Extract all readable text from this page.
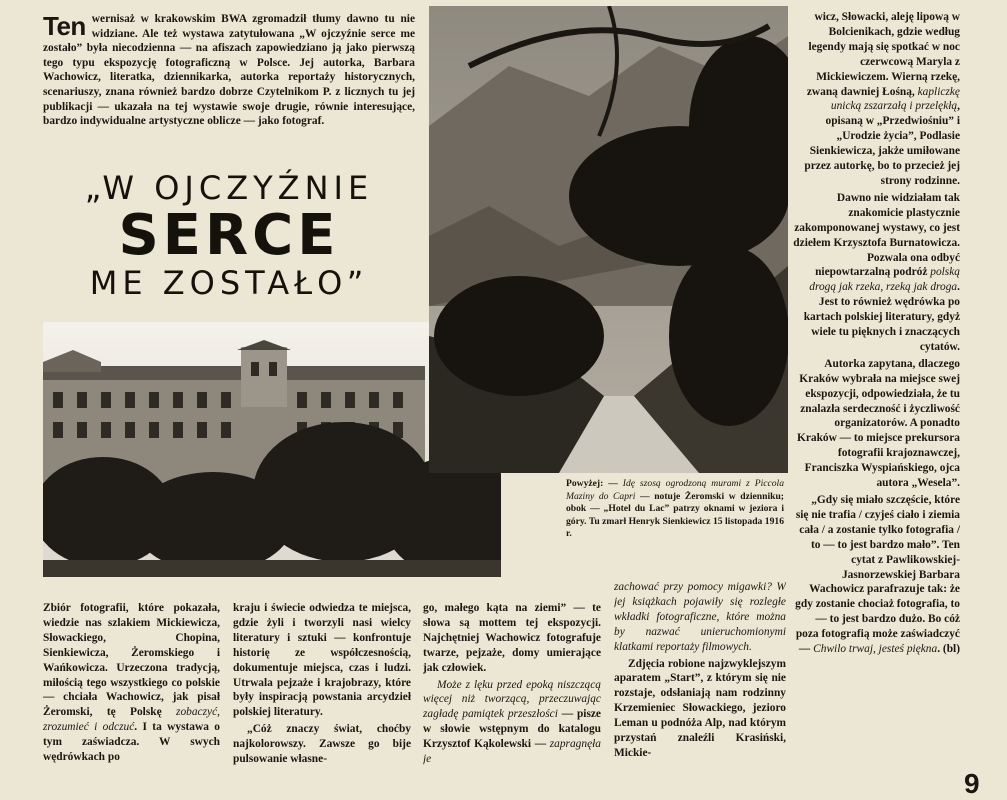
Ten wernisaż w krakowskim BWA zgromadził tłumy dawno tu nie widziane. Ale też wystawa zatytułowana „W ojczyźnie serce me zostało” była niecodzienna — na afiszach zapowiedziano ją jako pierwszą tego typu ekspozycję fotograficzną w Polsce. Jej autorka, Barbara Wachowicz, literatka, dziennikarka, autorka reportaży historycznych, scenariuszy, znana również bardzo dobrze Czytelnikom P. z licznych tu jej publikacji — ukazała na tej wystawie swoje drugie, równie interesujące, bardzo indywidualne artystyczne oblicze — jako fotograf.
„W OJCZYŹNIE
SERCE
ME ZOSTAŁO”
Powyżej: — Idę szosą ogrodzoną murami z Piccola Maziny do Capri — notuje Żeromski w dzienniku; obok — „Hotel du Lac” patrzy oknami w jeziora i góry. Tu zmarł Henryk Sienkiewicz 15 listopada 1916 r.

wicz, Słowacki, aleję lipową w Bolcienikach, gdzie według legendy mają się spotkać w noc czerwcową Maryla z Mickiewiczem. Wierną rzekę, zwaną dawniej Łośną, kapliczkę unicką zszarzałą i przelękłą, opisaną w „Przedwiośniu” i „Urodzie życia”, Podlasie Sienkiewicza, jakże umiłowane przez autorkę, bo to przecież jej strony rodzinne.

Dawno nie widziałam tak znakomicie plastycznie zakomponowanej wystawy, co jest dziełem Krzysztofa Burnatowicza. Pozwala ona odbyć niepowtarzalną podróż polską drogą jak rzeka, rzeką jak droga. Jest to również wędrówka po kartach polskiej literatury, gdyż wiele tu pięknych i znaczących cytatów.

Autorka zapytana, dlaczego Kraków wybrała na miejsce swej ekspozycji, odpowiedziała, że tu znalazła serdeczność i życzliwość organizatorów. A ponadto Kraków — to miejsce prekursora fotografii krajoznawczej, Franciszka Wyspiańskiego, ojca autora „Wesela”.

„Gdy się miało szczęście, które się nie trafia / czyjeś ciało i ziemia cała / a zostanie tylko fotografia / to — to jest bardzo mało”. Ten cytat z Pawlikowskiej-Jasnorzewskiej Barbara Wachowicz parafrazuje tak: że gdy zostanie chociaż fotografia, to — to jest bardzo dużo. Bo cóż poza fotografią może zaświadczyć — Chwilo trwaj, jesteś piękna. (bl)

Zbiór fotografii, które pokazała, wiedzie nas szlakiem Mickiewicza, Słowackiego, Chopina, Sienkiewicza, Żeromskiego i Wańkowicza. Urzeczona tradycją, miłością tego wszystkiego co polskie — chciała Wachowicz, jak pisał Żeromski, tę Polskę zobaczyć, zrozumieć i odczuć. I ta wystawa o tym zaświadcza. W swych wędrówkach po

kraju i świecie odwiedza te miejsca, gdzie żyli i tworzyli nasi wielcy literatury i sztuki — konfrontuje historię ze współczesnością, dokumentuje miejsca, czas i ludzi. Utrwala pejzaże i krajobrazy, które były inspiracją powstania arcydzieł polskiej literatury.

„Cóż znaczy świat, choćby najkolorowszy. Zawsze go bije pulsowanie własne-

go, małego kąta na ziemi” — te słowa są mottem tej ekspozycji. Najchętniej Wachowicz fotografuje twarze, pejzaże, domy umierające jak człowiek.

Może z lęku przed epoką niszczącą więcej niż tworzącą, przeczuwając zagładę pamiątek przeszłości — pisze w słowie wstępnym do katalogu Krzysztof Kąkolewski — zapragnęła je

zachować przy pomocy migawki? W jej książkach pojawiły się rozległe wkładki fotograficzne, które można by nazwać unieruchomionymi klatkami reportaży filmowych.

Zdjęcia robione najzwyklejszym aparatem „Start”, z którym się nie rozstaje, odsłaniają nam rodzinny Krzemieniec Słowackiego, jezioro Leman u podnóża Alp, nad którym przystań znaleźli Krasiński, Mickie-

9
